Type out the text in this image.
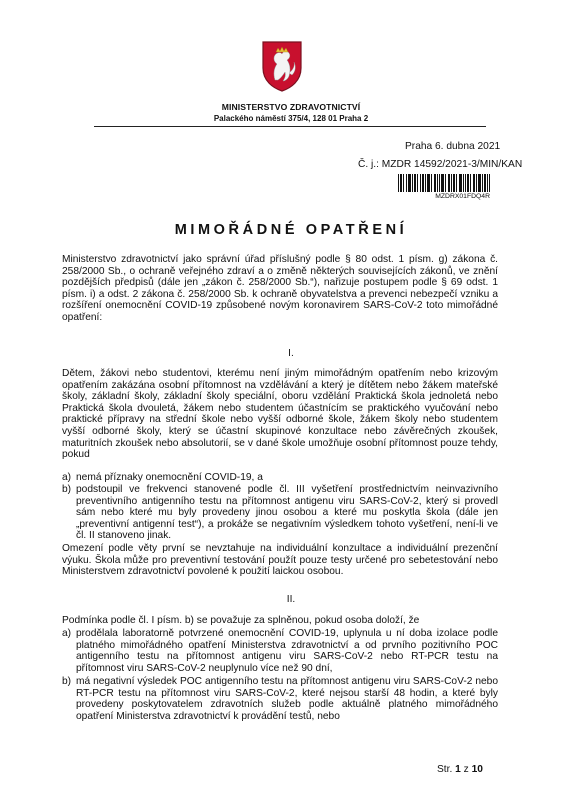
MINISTERSTVO ZDRAVOTNICTVÍ
Palackého náměstí 375/4, 128 01 Praha 2
Praha 6. dubna 2021
Č. j.: MZDR 14592/2021-3/MIN/KAN
MZDRX01FDQ4R
MIMOŘÁDNÉ OPATŘENÍ

Ministerstvo zdravotnictví jako správní úřad příslušný podle § 80 odst. 1 písm. g) zákona č. 258/2000 Sb., o ochraně veřejného zdraví a o změně některých souvisejících zákonů, ve znění pozdějších předpisů (dále jen „zákon č. 258/2000 Sb.“), nařizuje postupem podle § 69 odst. 1 písm. i) a odst. 2 zákona č. 258/2000 Sb. k ochraně obyvatelstva a prevenci nebezpečí vzniku a rozšíření onemocnění COVID-19 způsobené novým koronavirem SARS-CoV-2 toto mimořádné opatření:

I.

Dětem, žákovi nebo studentovi, kterému není jiným mimořádným opatřením nebo krizovým opatřením zakázána osobní přítomnost na vzdělávání a který je dítětem nebo žákem mateřské školy, základní školy, základní školy speciální, oboru vzdělání Praktická škola jednoletá nebo Praktická škola dvouletá, žákem nebo studentem účastnícím se praktického vyučování nebo praktické přípravy na střední škole nebo vyšší odborné škole, žákem školy nebo studentem vyšší odborné školy, který se účastní skupinové konzultace nebo závěrečných zkoušek, maturitních zkoušek nebo absolutorií, se v dané škole umožňuje osobní přítomnost pouze tehdy, pokud

a) nemá příznaky onemocnění COVID-19, a
b) podstoupil ve frekvenci stanovené podle čl. III vyšetření prostřednictvím neinvazivního preventivního antigenního testu na přítomnost antigenu viru SARS-CoV-2, který si provedl sám nebo které mu byly provedeny jinou osobou a které mu poskytla škola (dále jen „preventivní antigenní test“), a prokáže se negativním výsledkem tohoto vyšetření, není-li ve čl. II stanoveno jinak.

Omezení podle věty první se nevztahuje na individuální konzultace a individuální prezenční výuku. Škola může pro preventivní testování použít pouze testy určené pro sebetestování nebo Ministerstvem zdravotnictví povolené k použití laickou osobou.

II.

Podmínka podle čl. I písm. b) se považuje za splněnou, pokud osoba doloží, že

a) prodělala laboratorně potvrzené onemocnění COVID-19, uplynula u ní doba izolace podle platného mimořádného opatření Ministerstva zdravotnictví a od prvního pozitivního POC antigenního testu na přítomnost antigenu viru SARS-CoV-2 nebo RT-PCR testu na přítomnost viru SARS-CoV-2 neuplynulo více než 90 dní,
b) má negativní výsledek POC antigenního testu na přítomnost antigenu viru SARS-CoV-2 nebo RT-PCR testu na přítomnost viru SARS-CoV-2, které nejsou starší 48 hodin, a které byly provedeny poskytovatelem zdravotních služeb podle aktuálně platného mimořádného opatření Ministerstva zdravotnictví k provádění testů, nebo
Str. 1 z 10
